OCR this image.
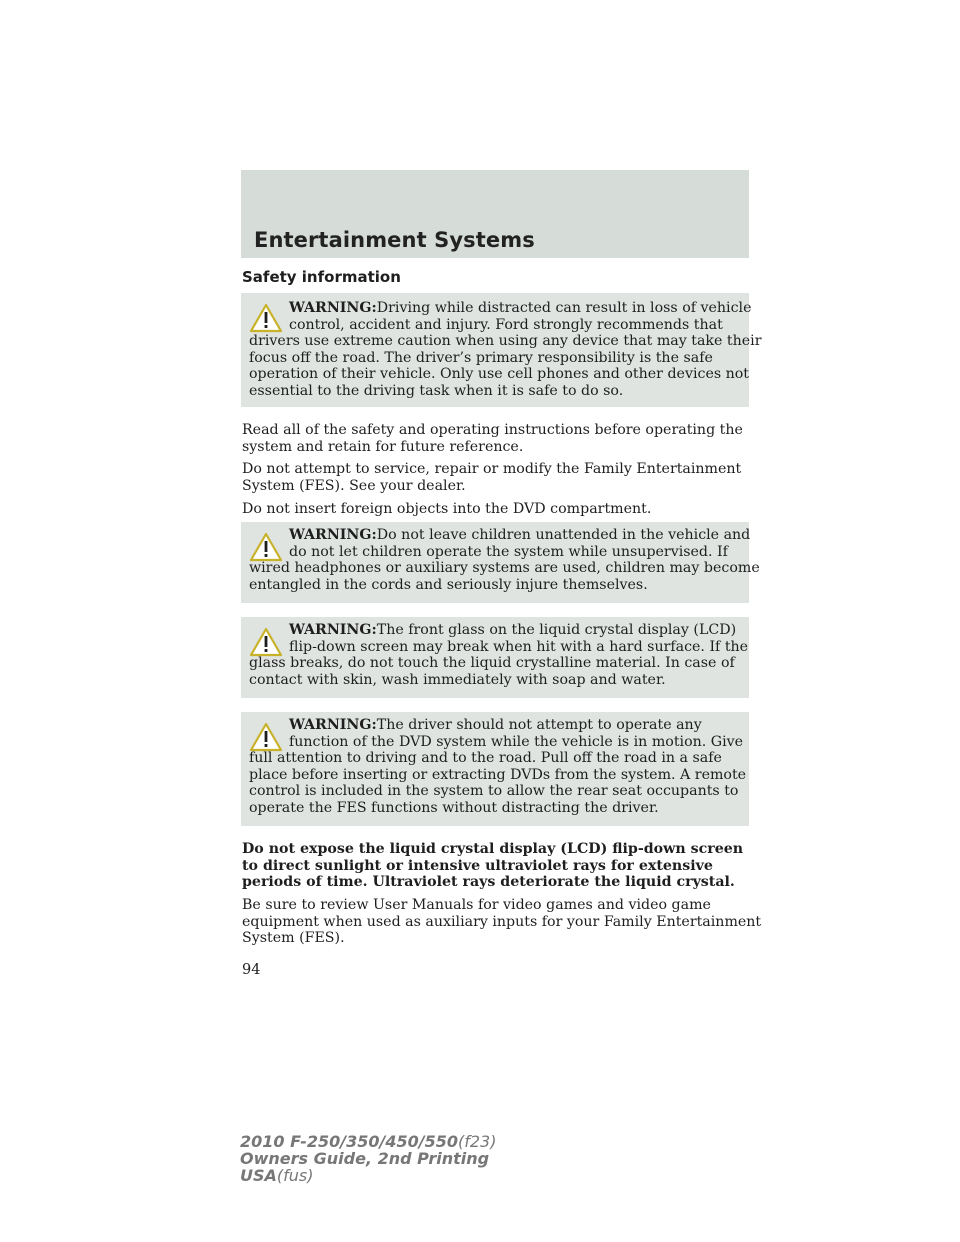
Entertainment Systems
Safety information

WARNING:Driving while distracted can result in loss of vehicle
control, accident and injury. Ford strongly recommends that
drivers use extreme caution when using any device that may take their
focus off the road. The driver’s primary responsibility is the safe
operation of their vehicle. Only use cell phones and other devices not
essential to the driving task when it is safe to do so.

Read all of the safety and operating instructions before operating the
system and retain for future reference.

Do not attempt to service, repair or modify the Family Entertainment
System (FES). See your dealer.

Do not insert foreign objects into the DVD compartment.

WARNING:Do not leave children unattended in the vehicle and
do not let children operate the system while unsupervised. If
wired headphones or auxiliary systems are used, children may become
entangled in the cords and seriously injure themselves.

WARNING:The front glass on the liquid crystal display (LCD)
flip-down screen may break when hit with a hard surface. If the
glass breaks, do not touch the liquid crystalline material. In case of
contact with skin, wash immediately with soap and water.

WARNING:The driver should not attempt to operate any
function of the DVD system while the vehicle is in motion. Give
full attention to driving and to the road. Pull off the road in a safe
place before inserting or extracting DVDs from the system. A remote
control is included in the system to allow the rear seat occupants to
operate the FES functions without distracting the driver.

Do not expose the liquid crystal display (LCD) flip-down screen
to direct sunlight or intensive ultraviolet rays for extensive
periods of time. Ultraviolet rays deteriorate the liquid crystal.

Be sure to review User Manuals for video games and video game
equipment when used as auxiliary inputs for your Family Entertainment
System (FES).

94

2010 F-250/350/450/550(f23)
Owners Guide, 2nd Printing
USA(fus)
